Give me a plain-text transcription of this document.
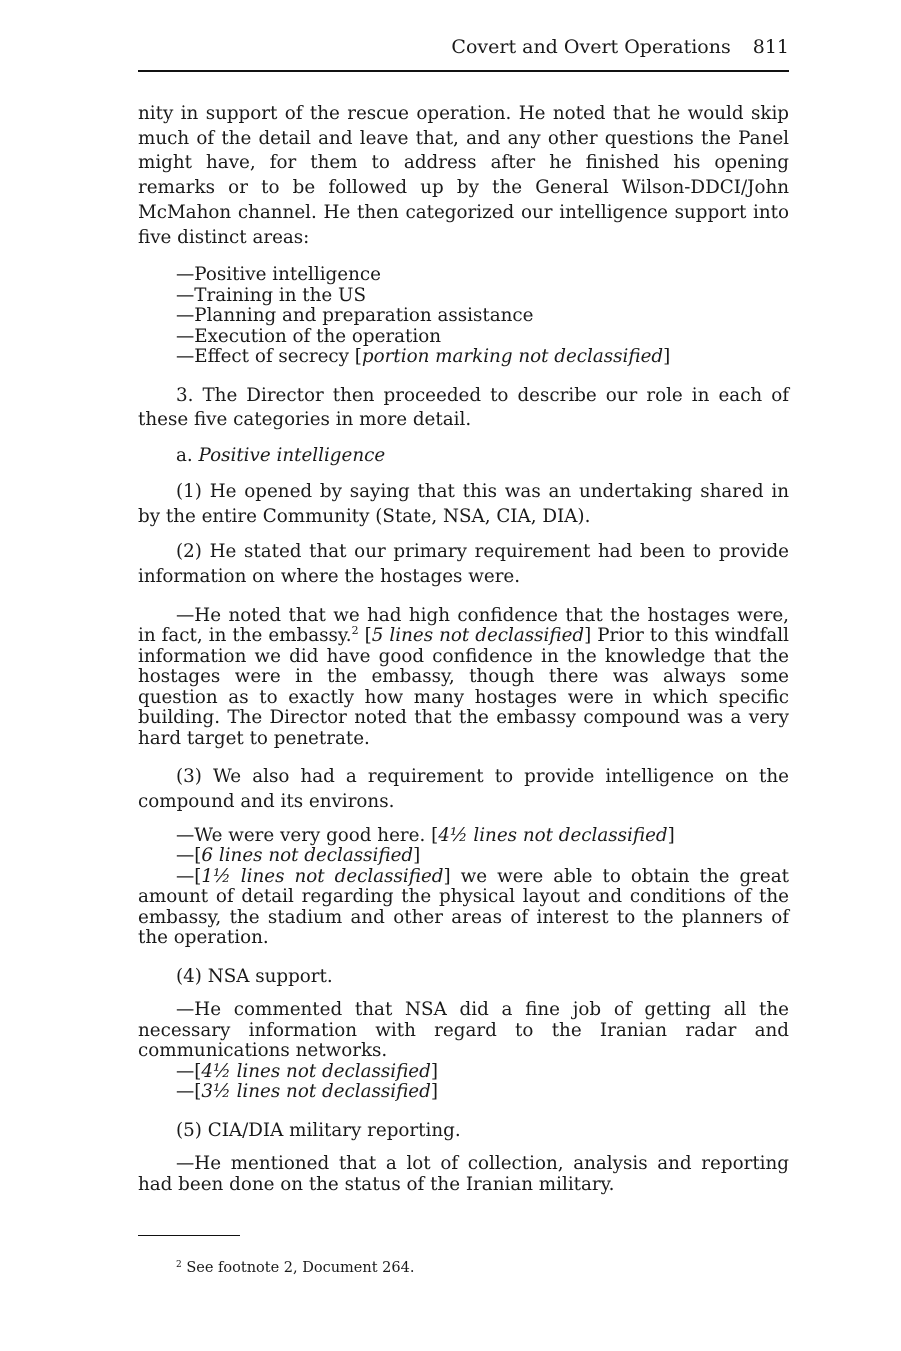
Covert and Overt Operations 811

nity in support of the rescue operation. He noted that he would skip much of the detail and leave that, and any other questions the Panel might have, for them to address after he finished his opening remarks or to be followed up by the General Wilson-DDCI/John McMahon channel. He then categorized our intelligence support into five distinct areas:

—Positive intelligence
—Training in the US
—Planning and preparation assistance
—Execution of the operation
—Effect of secrecy [portion marking not declassified]

3. The Director then proceeded to describe our role in each of these five categories in more detail.

a. Positive intelligence

(1) He opened by saying that this was an undertaking shared in by the entire Community (State, NSA, CIA, DIA).

(2) He stated that our primary requirement had been to provide information on where the hostages were.

—He noted that we had high confidence that the hostages were, in fact, in the embassy.$^2$ [5 lines not declassified] Prior to this windfall information we did have good confidence in the knowledge that the hostages were in the embassy, though there was always some question as to exactly how many hostages were in which specific building. The Director noted that the embassy compound was a very hard target to penetrate.

(3) We also had a requirement to provide intelligence on the compound and its environs.

—We were very good here. [4½ lines not declassified]

—[6 lines not declassified]

—[1½ lines not declassified] we were able to obtain the great amount of detail regarding the physical layout and conditions of the embassy, the stadium and other areas of interest to the planners of the operation.

(4) NSA support.

—He commented that NSA did a fine job of getting all the necessary information with regard to the Iranian radar and communications networks.

—[4½ lines not declassified]

—[3½ lines not declassified]

(5) CIA/DIA military reporting.

—He mentioned that a lot of collection, analysis and reporting had been done on the status of the Iranian military.

$^2$ See footnote 2, Document 264.
